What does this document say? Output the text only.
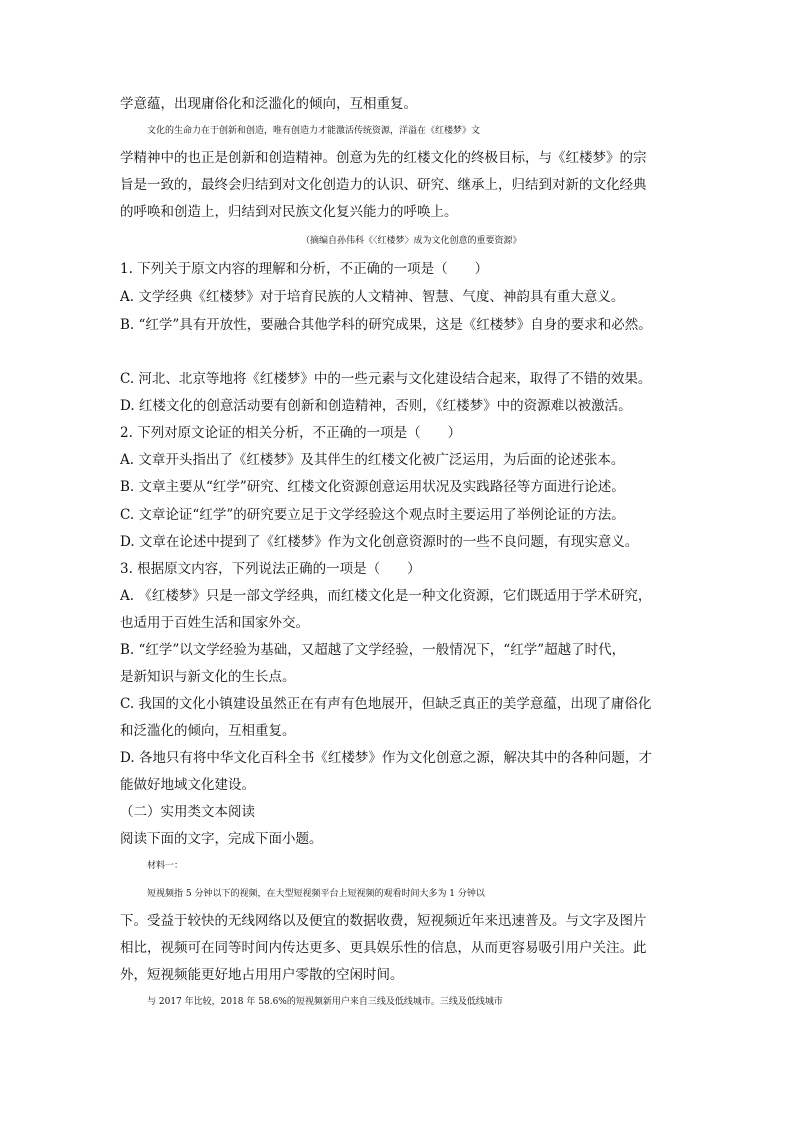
学意蕴，出现庸俗化和泛滥化的倾向，互相重复。
文化的生命力在于创新和创造，唯有创造力才能激活传统资源，洋溢在《红楼梦》文
学精神中的也正是创新和创造精神。创意为先的红楼文化的终极目标，与《红楼梦》的宗
旨是一致的，最终会归结到对文化创造力的认识、研究、继承上，归结到对新的文化经典
的呼唤和创造上，归结到对民族文化复兴能力的呼唤上。
（摘编自孙伟科《〈红楼梦〉成为文化创意的重要资源》
1. 下列关于原文内容的理解和分析，不正确的一项是（　　）
A. 文学经典《红楼梦》对于培育民族的人文精神、智慧、气度、神韵具有重大意义。
B. “红学”具有开放性，要融合其他学科的研究成果，这是《红楼梦》自身的要求和必然。
C. 河北、北京等地将《红楼梦》中的一些元素与文化建设结合起来，取得了不错的效果。
D. 红楼文化的创意活动要有创新和创造精神，否则，《红楼梦》中的资源难以被激活。
2. 下列对原文论证的相关分析，不正确的一项是（　　）
A. 文章开头指出了《红楼梦》及其伴生的红楼文化被广泛运用，为后面的论述张本。
B. 文章主要从“红学”研究、红楼文化资源创意运用状况及实践路径等方面进行论述。
C. 文章论证“红学”的研究要立足于文学经验这个观点时主要运用了举例论证的方法。
D. 文章在论述中提到了《红楼梦》作为文化创意资源时的一些不良问题，有现实意义。
3. 根据原文内容，下列说法正确的一项是（　　）
A. 《红楼梦》只是一部文学经典，而红楼文化是一种文化资源，它们既适用于学术研究，
也适用于百姓生活和国家外交。
B. “红学”以文学经验为基础，又超越了文学经验，一般情况下，“红学”超越了时代，
是新知识与新文化的生长点。
C. 我国的文化小镇建设虽然正在有声有色地展开，但缺乏真正的美学意蕴，出现了庸俗化
和泛滥化的倾向，互相重复。
D. 各地只有将中华文化百科全书《红楼梦》作为文化创意之源，解决其中的各种问题，才
能做好地域文化建设。
（二）实用类文本阅读
阅读下面的文字，完成下面小题。
材料一：
短视频指 5 分钟以下的视频，在大型短视频平台上短视频的观看时间大多为 1 分钟以
下。受益于较快的无线网络以及便宜的数据收费，短视频近年来迅速普及。与文字及图片
相比，视频可在同等时间内传达更多、更具娱乐性的信息，从而更容易吸引用户关注。此
外，短视频能更好地占用用户零散的空闲时间。
与 2017 年比较，2018 年 58.6%的短视频新用户来自三线及低线城市。三线及低线城市
